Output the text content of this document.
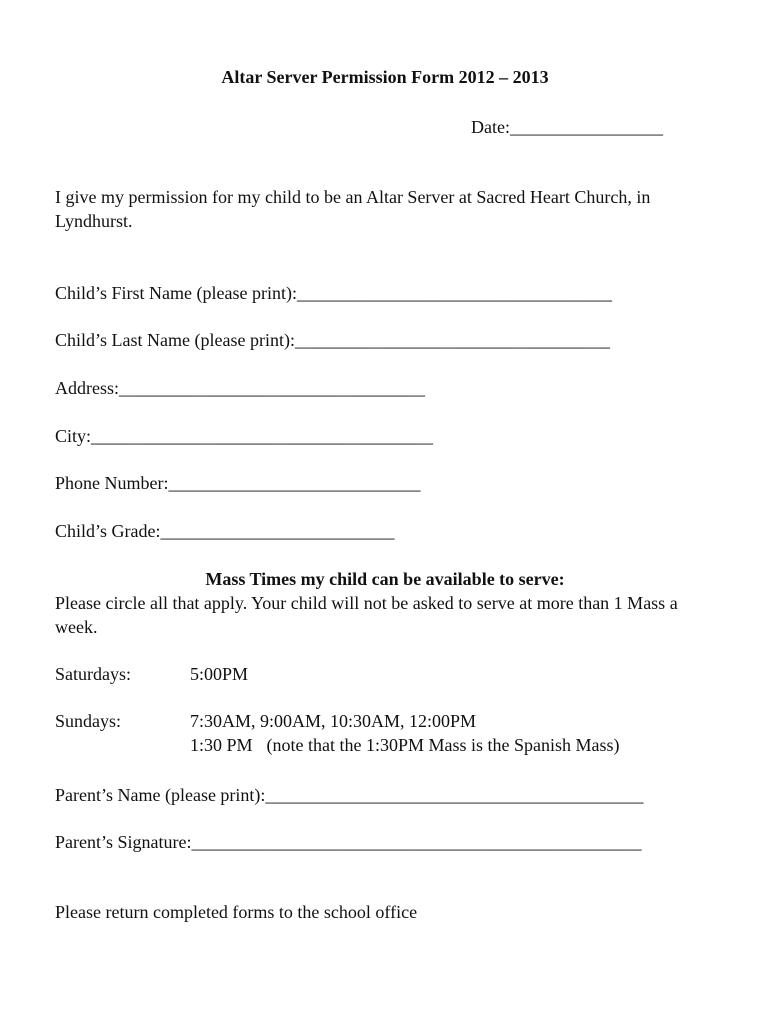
Altar Server Permission Form 2012 – 2013
Date:_________________
I give my permission for my child to be an Altar Server at Sacred Heart Church, in Lyndhurst.
Child’s First Name (please print):___________________________________
Child’s Last Name (please print):___________________________________
Address:__________________________________
City:______________________________________
Phone Number:____________________________
Child’s Grade:__________________________
Mass Times my child can be available to serve:
Please circle all that apply. Your child will not be asked to serve at more than 1 Mass a week.
Saturdays:	5:00PM
Sundays:	7:30AM, 9:00AM, 10:30AM, 12:00PM
1:30 PM (note that the 1:30PM Mass is the Spanish Mass)
Parent’s Name (please print):__________________________________________
Parent’s Signature:__________________________________________________
Please return completed forms to the school office
